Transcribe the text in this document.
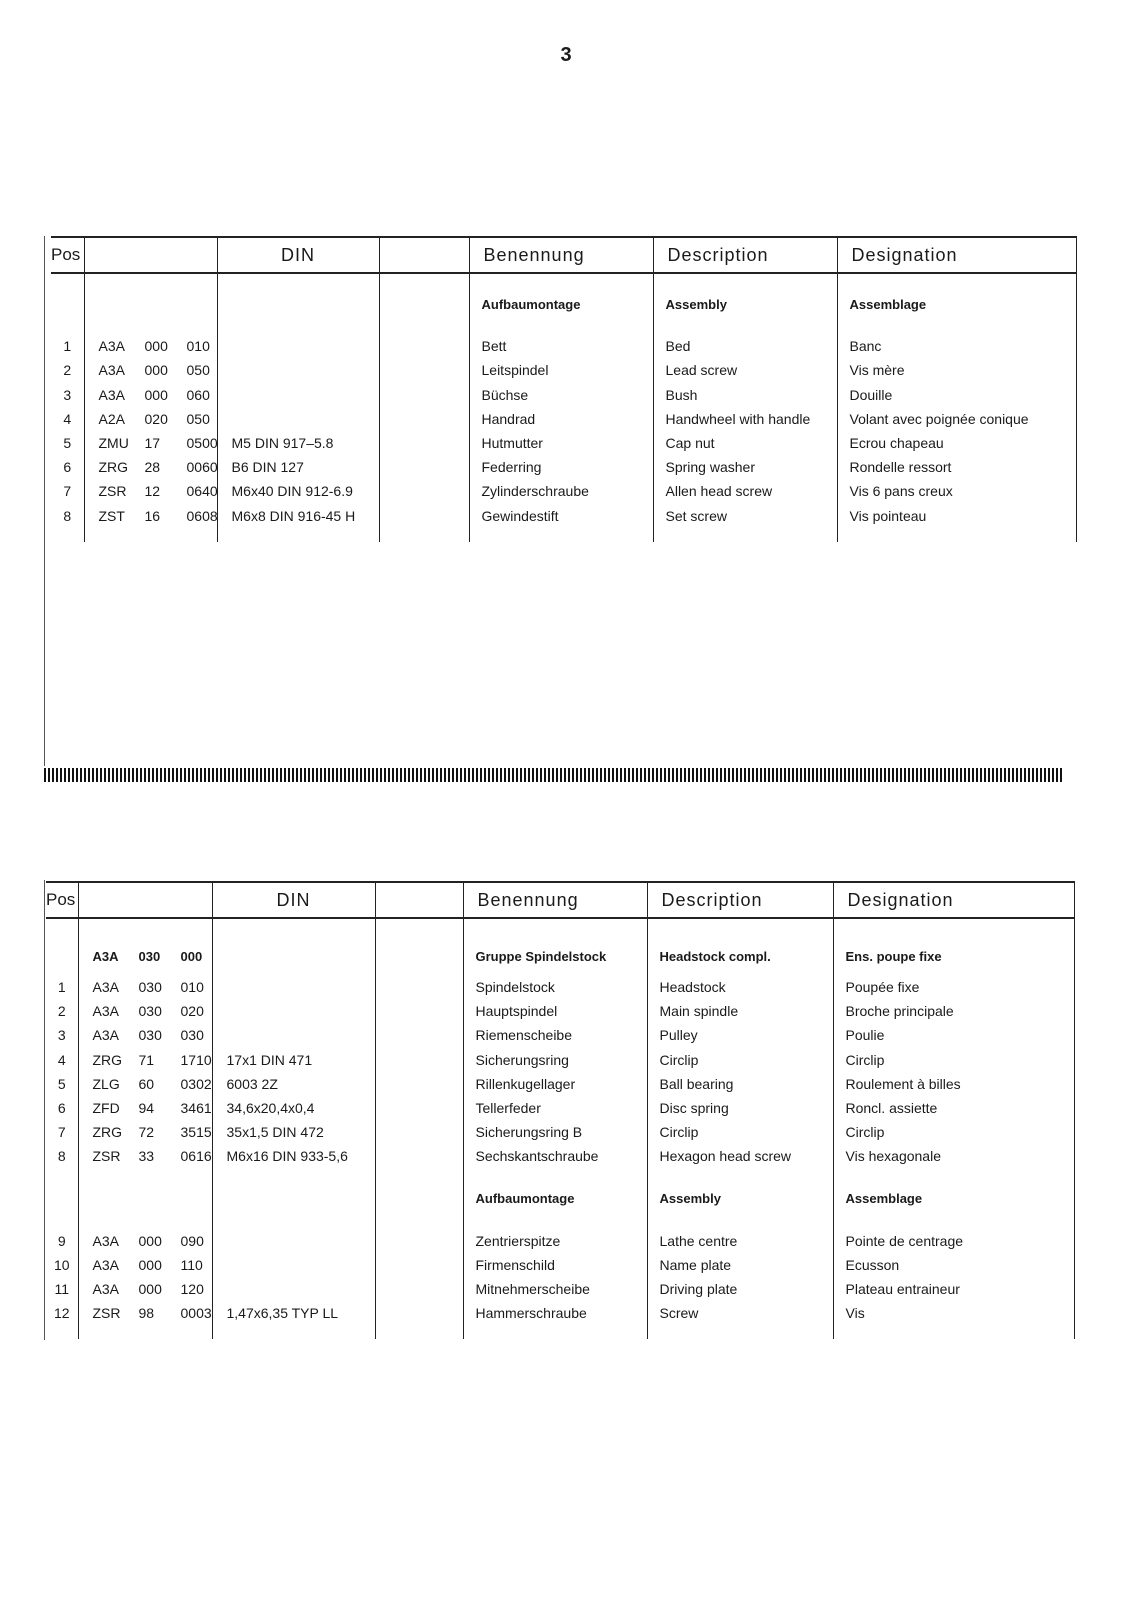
3
Pos		DIN		Benennung	Description	Designation

				Aufbaumontage	Assembly	Assemblage

1	A3A 000 010			Bett	Bed	Banc
2	A3A 000 050			Leitspindel	Lead screw	Vis mère
3	A3A 000 060			Büchse	Bush	Douille
4	A2A 020 050			Handrad	Handwheel with handle	Volant avec poignée conique
5	ZMU 17 0500	M5 DIN 917–5.8		Hutmutter	Cap nut	Ecrou chapeau
6	ZRG 28 0060	B6 DIN 127		Federring	Spring washer	Rondelle ressort
7	ZSR 12 0640	M6x40 DIN 912-6.9		Zylinderschraube	Allen head screw	Vis 6 pans creux
8	ZST 16 0608	M6x8 DIN 916-45 H		Gewindestift	Set screw	Vis pointeau

Pos		DIN		Benennung	Description	Designation

	A3A 030 000			Gruppe Spindelstock	Headstock compl.	Ens. poupe fixe
1	A3A 030 010			Spindelstock	Headstock	Poupée fixe
2	A3A 030 020			Hauptspindel	Main spindle	Broche principale
3	A3A 030 030			Riemenscheibe	Pulley	Poulie
4	ZRG 71 1710	17x1 DIN 471		Sicherungsring	Circlip	Circlip
5	ZLG 60 0302	6003 2Z		Rillenkugellager	Ball bearing	Roulement à billes
6	ZFD 94 3461	34,6x20,4x0,4		Tellerfeder	Disc spring	Roncl. assiette
7	ZRG 72 3515	35x1,5 DIN 472		Sicherungsring B	Circlip	Circlip
8	ZSR 33 0616	M6x16 DIN 933-5,6		Sechskantschraube	Hexagon head screw	Vis hexagonale

				Aufbaumontage	Assembly	Assemblage

9	A3A 000 090			Zentrierspitze	Lathe centre	Pointe de centrage
10	A3A 000 110			Firmenschild	Name plate	Ecusson
11	A3A 000 120			Mitnehmerscheibe	Driving plate	Plateau entraineur
12	ZSR 98 0003	1,47x6,35 TYP LL		Hammerschraube	Screw	Vis
